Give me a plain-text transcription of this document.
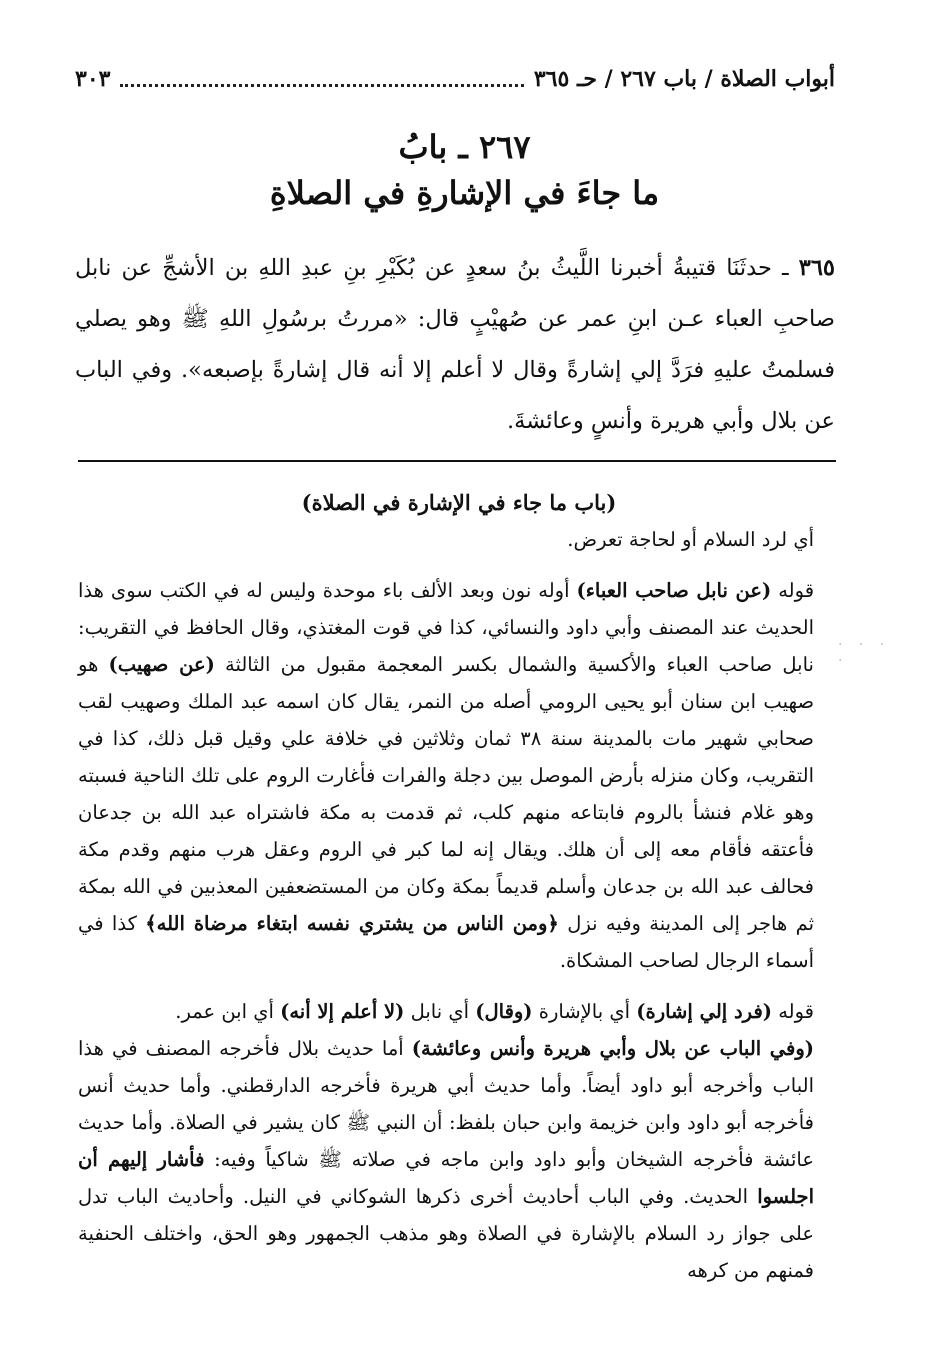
أبواب الصلاة / باب ٢٦٧ / حـ ٣٦٥
٣٠٣
٢٦٧ ـ بابُ
ما جاءَ في الإشارةِ في الصلاةِ
٣٦٥ ـ حدثَنَا قتيبةُ أخبرنا اللَّيثُ بنُ سعدٍ عن بُكَيْرِ بنِ عبدِ اللهِ بن الأشجِّ عن نابل صاحبِ العباء عـن ابنِ عمر عن صُهيْبٍ قال: «مررتُ برسُولِ اللهِ ﷺ وهو يصلي فسلمتُ عليهِ فرَدَّ إلي إشارةً وقال لا أعلم إلا أنه قال إشارةً بإصبعه». وفي الباب عن بلال وأبي هريرة وأنسٍ وعائشةَ.
. . . .
(باب ما جاء في الإشارة في الصلاة)

أي لرد السلام أو لحاجة تعرض.

قوله (عن نابل صاحب العباء) أوله نون وبعد الألف باء موحدة وليس له في الكتب سوى هذا الحديث عند المصنف وأبي داود والنسائي، كذا في قوت المغتذي، وقال الحافظ في التقريب: نابل صاحب العباء والأكسية والشمال بكسر المعجمة مقبول من الثالثة (عن صهيب) هو صهيب ابن سنان أبو يحيى الرومي أصله من النمر، يقال كان اسمه عبد الملك وصهيب لقب صحابي شهير مات بالمدينة سنة ٣٨ ثمان وثلاثين في خلافة علي وقيل قبل ذلك، كذا في التقريب، وكان منزله بأرض الموصل بين دجلة والفرات فأغارت الروم على تلك الناحية فسبته وهو غلام فنشأ بالروم فابتاعه منهم كلب، ثم قدمت به مكة فاشتراه عبد الله بن جدعان فأعتقه فأقام معه إلى أن هلك. ويقال إنه لما كبر في الروم وعقل هرب منهم وقدم مكة فحالف عبد الله بن جدعان وأسلم قديماً بمكة وكان من المستضعفين المعذبين في الله بمكة ثم هاجر إلى المدينة وفيه نزل ﴿ومن الناس من يشتري نفسه ابتغاء مرضاة الله﴾ كذا في أسماء الرجال لصاحب المشكاة.

قوله (فرد إلي إشارة) أي بالإشارة (وقال) أي نابل (لا أعلم إلا أنه) أي ابن عمر.

(وفي الباب عن بلال وأبي هريرة وأنس وعائشة) أما حديث بلال فأخرجه المصنف في هذا الباب وأخرجه أبو داود أيضاً. وأما حديث أبي هريرة فأخرجه الدارقطني. وأما حديث أنس فأخرجه أبو داود وابن خزيمة وابن حبان بلفظ: أن النبي ﷺ كان يشير في الصلاة. وأما حديث عائشة فأخرجه الشيخان وأبو داود وابن ماجه في صلاته ﷺ شاكياً وفيه: فأشار إليهم أن اجلسوا الحديث. وفي الباب أحاديث أخرى ذكرها الشوكاني في النيل. وأحاديث الباب تدل على جواز رد السلام بالإشارة في الصلاة وهو مذهب الجمهور وهو الحق، واختلف الحنفية فمنهم من كرهه
